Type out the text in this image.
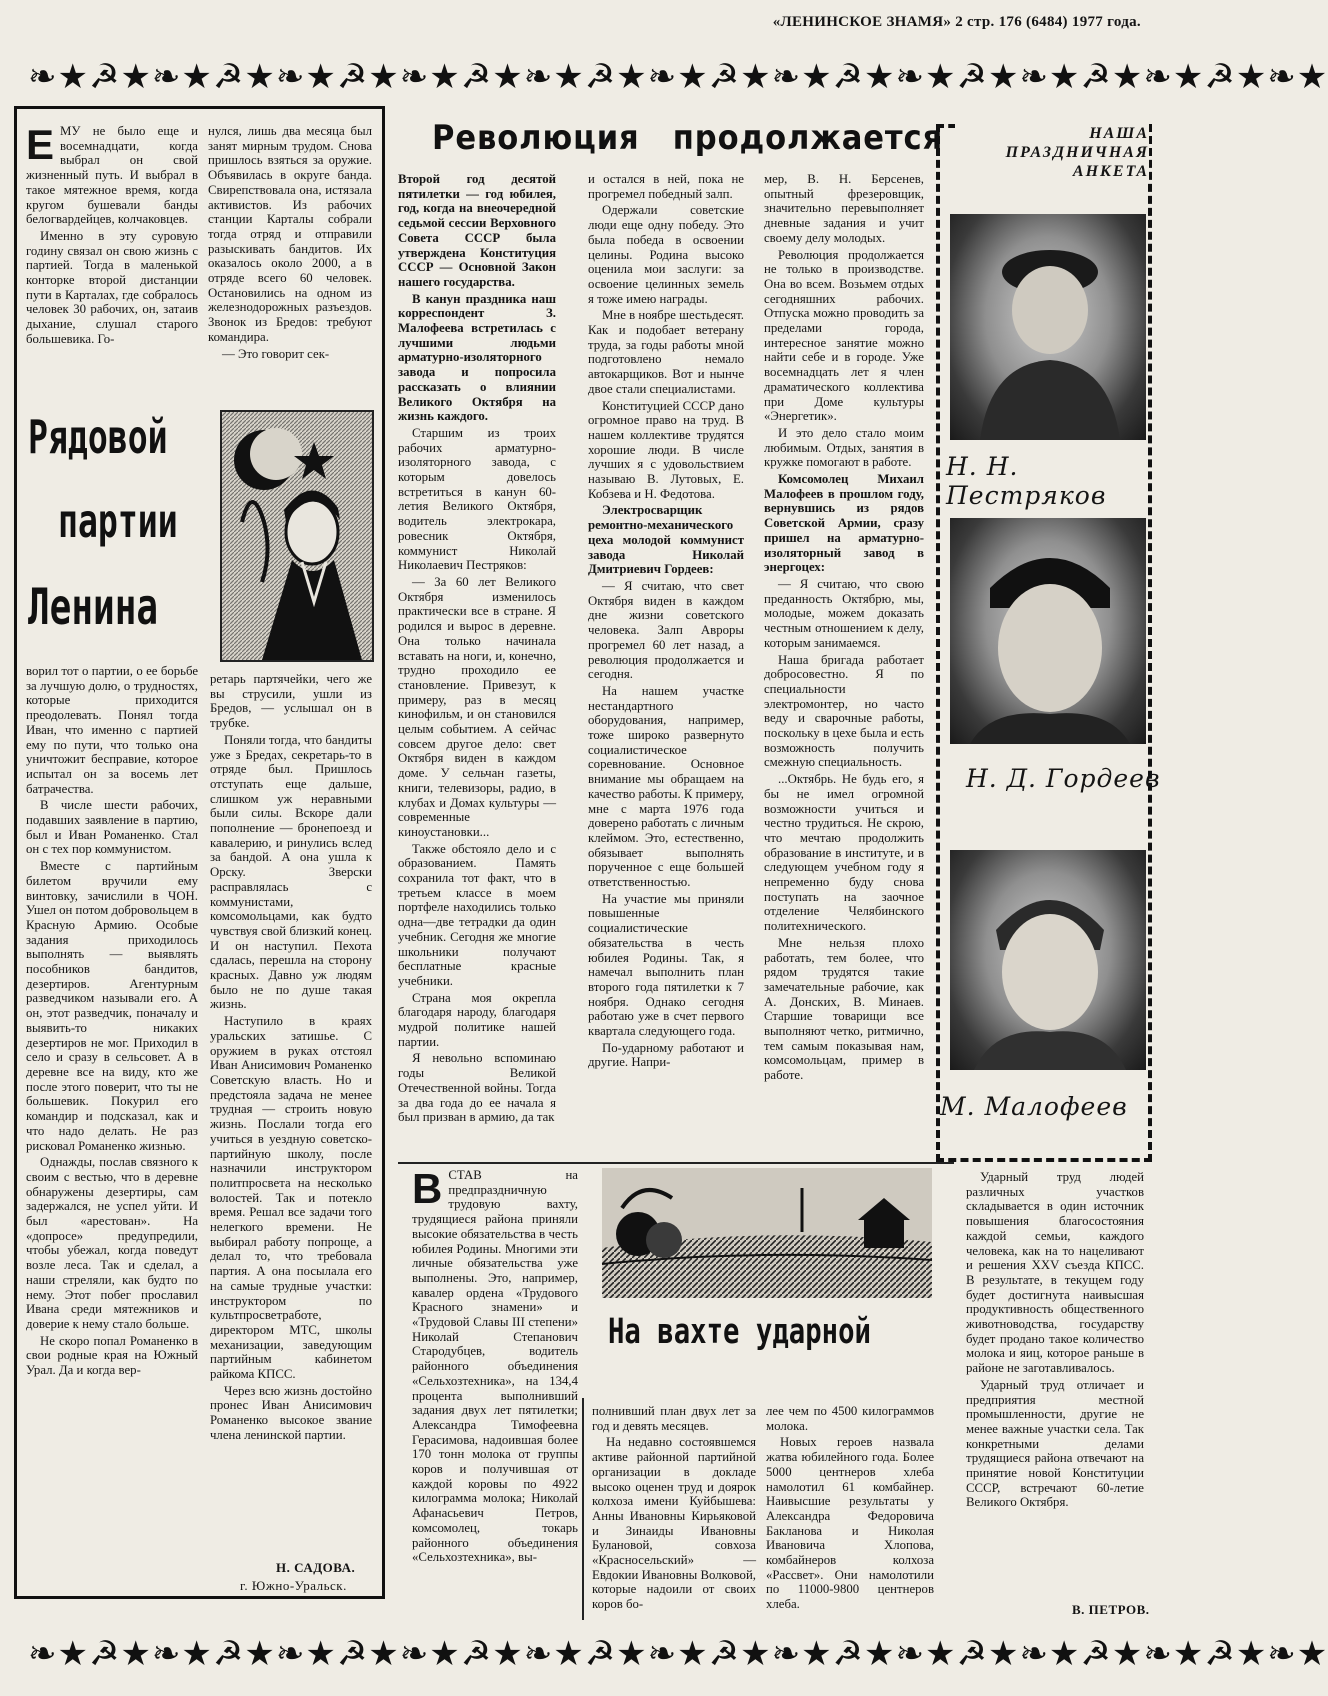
«ЛЕНИНСКОЕ ЗНАМЯ» 2 стр. 176 (6484) 1977 года.
❧★☭★❧★☭★❧★☭★❧★☭★❧★☭★❧★☭★❧★☭★❧★☭★❧★☭★❧★☭★❧★
Е МУ не было еще и восемнадцати, когда выбрал он свой жизненный путь. И выбрал в такое мятежное время, когда кругом бушевали банды белогвардейцев, колчаковцев.

Именно в эту суровую годину связал он свою жизнь с партией. Тогда в маленькой конторке второй дистанции пути в Карталах, где собралось человек 30 рабочих, он, затаив дыхание, слушал старого большевика. Го-

нулся, лишь два месяца был занят мирным трудом. Снова пришлось взяться за оружие. Объявилась в округе банда. Свирепствовала она, истязала активистов. Из рабочих станции Карталы собрали тогда отряд и отправили разыскивать бандитов. Их оказалось около 2000, а в отряде всего 60 человек. Остановились на одном из железнодорожных разъездов. Звонок из Бредов: требуют командира.

— Это говорит сек-

Рядовой
партии
Ленина

ворил тот о партии, о ее борьбе за лучшую долю, о трудностях, которые приходится преодолевать. Понял тогда Иван, что именно с партией ему по пути, что только она уничтожит бесправие, которое испытал он за восемь лет батрачества.

В числе шести рабочих, подавших заявление в партию, был и Иван Романенко. Стал он с тех пор коммунистом.

Вместе с партийным билетом вручили ему винтовку, зачислили в ЧОН. Ушел он потом добровольцем в Красную Армию. Особые задания приходилось выполнять — выявлять пособников бандитов, дезертиров. Агентурным разведчиком называли его. А он, этот разведчик, поначалу и выявить-то никаких дезертиров не мог. Приходил в село и сразу в сельсовет. А в деревне все на виду, кто же после этого поверит, что ты не большевик. Покурил его командир и подсказал, как и что надо делать. Не раз рисковал Романенко жизнью.

Однажды, послав связного к своим с вестью, что в деревне обнаружены дезертиры, сам задержался, не успел уйти. И был «арестован». На «допросе» предупредили, чтобы убежал, когда поведут возле леса. Так и сделал, а наши стреляли, как будто по нему. Этот побег прославил Ивана среди мятежников и доверие к нему стало больше.

Не скоро попал Романенко в свои родные края на Южный Урал. Да и когда вер-

ретарь партячейки, чего же вы струсили, ушли из Бредов, — услышал он в трубке.

Поняли тогда, что бандиты уже з Бредах, секретарь-то в отряде был. Пришлось отступать еще дальше, слишком уж неравными были силы. Вскоре дали пополнение — бронепоезд и кавалерию, и ринулись вслед за бандой. А она ушла к Орску. Зверски расправлялась с коммунистами, комсомольцами, как будто чувствуя свой близкий конец. И он наступил. Пехота сдалась, перешла на сторону красных. Давно уж людям было не по душе такая жизнь.

Наступило в краях уральских затишье. С оружием в руках отстоял Иван Анисимович Романенко Советскую власть. Но и предстояла задача не менее трудная — строить новую жизнь. Послали тогда его учиться в уездную советско-партийную школу, после назначили инструктором политпросвета на несколько волостей. Так и потекло время. Решал все задачи того нелегкого времени. Не выбирал работу попроще, а делал то, что требовала партия. А она посылала его на самые трудные участки: инструктором по культпросветработе, директором МТС, школы механизации, заведующим партийным кабинетом райкома КПСС.

Через всю жизнь достойно пронес Иван Анисимович Романенко высокое звание члена ленинской партии.

Н. САДОВА.
г. Южно-Уральск.
Революция продолжается

Второй год десятой пятилетки — год юбилея, год, когда на внеочередной седьмой сессии Верховного Совета СССР была утверждена Конституция СССР — Основной Закон нашего государства.

В канун праздника наш корреспондент З. Малофеева встретилась с лучшими людьми арматурно-изоляторного завода и попросила рассказать о влиянии Великого Октября на жизнь каждого.

Старшим из троих рабочих арматурно-изоляторного завода, с которым довелось встретиться в канун 60-летия Великого Октября, водитель электрокара, ровесник Октября, коммунист Николай Николаевич Пестряков:

— За 60 лет Великого Октября изменилось практически все в стране. Я родился и вырос в деревне. Она только начинала вставать на ноги, и, конечно, трудно проходило ее становление. Привезут, к примеру, раз в месяц кинофильм, и он становился целым событием. А сейчас совсем другое дело: свет Октября виден в каждом доме. У сельчан газеты, книги, телевизоры, радио, в клубах и Домах культуры — современные киноустановки...

Также обстояло дело и с образованием. Память сохранила тот факт, что в третьем классе в моем портфеле находились только одна—две тетрадки да один учебник. Сегодня же многие школьники получают бесплатные красные учебники.

Страна моя окрепла благодаря народу, благодаря мудрой политике нашей партии.

Я невольно вспоминаю годы Великой Отечественной войны. Тогда за два года до ее начала я был призван в армию, да так

и остался в ней, пока не прогремел победный залп.

Одержали советские люди еще одну победу. Это была победа в освоении целины. Родина высоко оценила мои заслуги: за освоение целинных земель я тоже имею награды.

Мне в ноябре шестьдесят. Как и подобает ветерану труда, за годы работы мной подготовлено немало автокарщиков. Вот и нынче двое стали специалистами.

Конституцией СССР дано огромное право на труд. В нашем коллективе трудятся хорошие люди. В числе лучших я с удовольствием называю В. Лутовых, Е. Кобзева и Н. Федотова.

Электросварщик ремонтно-механического цеха молодой коммунист завода Николай Дмитриевич Гордеев:

— Я считаю, что свет Октября виден в каждом дне жизни советского человека. Залп Авроры прогремел 60 лет назад, а революция продолжается и сегодня.

На нашем участке нестандартного оборудования, например, тоже широко развернуто социалистическое соревнование. Основное внимание мы обращаем на качество работы. К примеру, мне с марта 1976 года доверено работать с личным клеймом. Это, естественно, обязывает выполнять порученное с еще большей ответственностью.

На участие мы приняли повышенные социалистические обязательства в честь юбилея Родины. Так, я намечал выполнить план второго года пятилетки к 7 ноября. Однако сегодня работаю уже в счет первого квартала следующего года.

По-ударному работают и другие. Напри-

мер, В. Н. Берсенев, опытный фрезеровщик, значительно перевыполняет дневные задания и учит своему делу молодых.

Революция продолжается не только в производстве. Она во всем. Возьмем отдых сегодняшних рабочих. Отпуска можно проводить за пределами города, интересное занятие можно найти себе и в городе. Уже восемнадцать лет я член драматического коллектива при Доме культуры «Энергетик».

И это дело стало моим любимым. Отдых, занятия в кружке помогают в работе.

Комсомолец Михаил Малофеев в прошлом году, вернувшись из рядов Советской Армии, сразу пришел на арматурно-изоляторный завод в энергоцех:

— Я считаю, что свою преданность Октябрю, мы, молодые, можем доказать честным отношением к делу, которым занимаемся.

Наша бригада работает добросовестно. Я по специальности электромонтер, но часто веду и сварочные работы, поскольку в цехе была и есть возможность получить смежную специальность.

...Октябрь. Не будь его, я бы не имел огромной возможности учиться и честно трудиться. Не скрою, что мечтаю продолжить образование в институте, и в следующем учебном году я непременно буду снова поступать на заочное отделение Челябинского политехнического.

Мне нельзя плохо работать, тем более, что рядом трудятся такие замечательные рабочие, как А. Донских, В. Минаев. Старшие товарищи все выполняют четко, ритмично, тем самым показывая нам, комсомольцам, пример в работе.

НАША ПРАЗДНИЧНАЯ АНКЕТА
Н. Н. Пестряков
Н. Д. Гордеев
М. Малофеев
В СТАВ на предпраздничную трудовую вахту, трудящиеся района приняли высокие обязательства в честь юбилея Родины. Многими эти личные обязательства уже выполнены. Это, например, кавалер ордена «Трудового Красного знамени» и «Трудовой Славы III степени» Николай Степанович Стародубцев, водитель районного объединения «Сельхозтехника», на 134,4 процента выполнивший задания двух лет пятилетки; Александра Тимофеевна Герасимова, надоившая более 170 тонн молока от группы коров и получившая от каждой коровы по 4922 килограмма молока; Николай Афанасьевич Петров, комсомолец, токарь районного объединения «Сельхозтехника», вы-

На вахте ударной

полнивший план двух лет за год и девять месяцев.

На недавно состоявшемся активе районной партийной организации в докладе высоко оценен труд и доярок колхоза имени Куйбышева: Анны Ивановны Кирьяковой и Зинаиды Ивановны Булановой, совхоза «Красносельский» — Евдокии Ивановны Волковой, которые надоили от своих коров бо-

лее чем по 4500 килограммов молока.

Новых героев назвала жатва юбилейного года. Более 5000 центнеров хлеба намолотил 61 комбайнер. Наивысшие результаты у Александра Федоровича Бакланова и Николая Ивановича Хлопова, комбайнеров колхоза «Рассвет». Они намолотили по 11000-9800 центнеров хлеба.

Ударный труд людей различных участков складывается в один источник повышения благосостояния каждой семьи, каждого человека, как на то нацеливают и решения XXV съезда КПСС. В результате, в текущем году будет достигнута наивысшая продуктивность общественного животноводства, государству будет продано такое количество молока и яиц, которое раньше в районе не заготавливалось.

Ударный труд отличает и предприятия местной промышленности, другие не менее важные участки села. Так конкретными делами трудящиеся района отвечают на принятие новой Конституции СССР, встречают 60-летие Великого Октября.

В. ПЕТРОВ.
❧★☭★❧★☭★❧★☭★❧★☭★❧★☭★❧★☭★❧★☭★❧★☭★❧★☭★❧★☭★❧★
